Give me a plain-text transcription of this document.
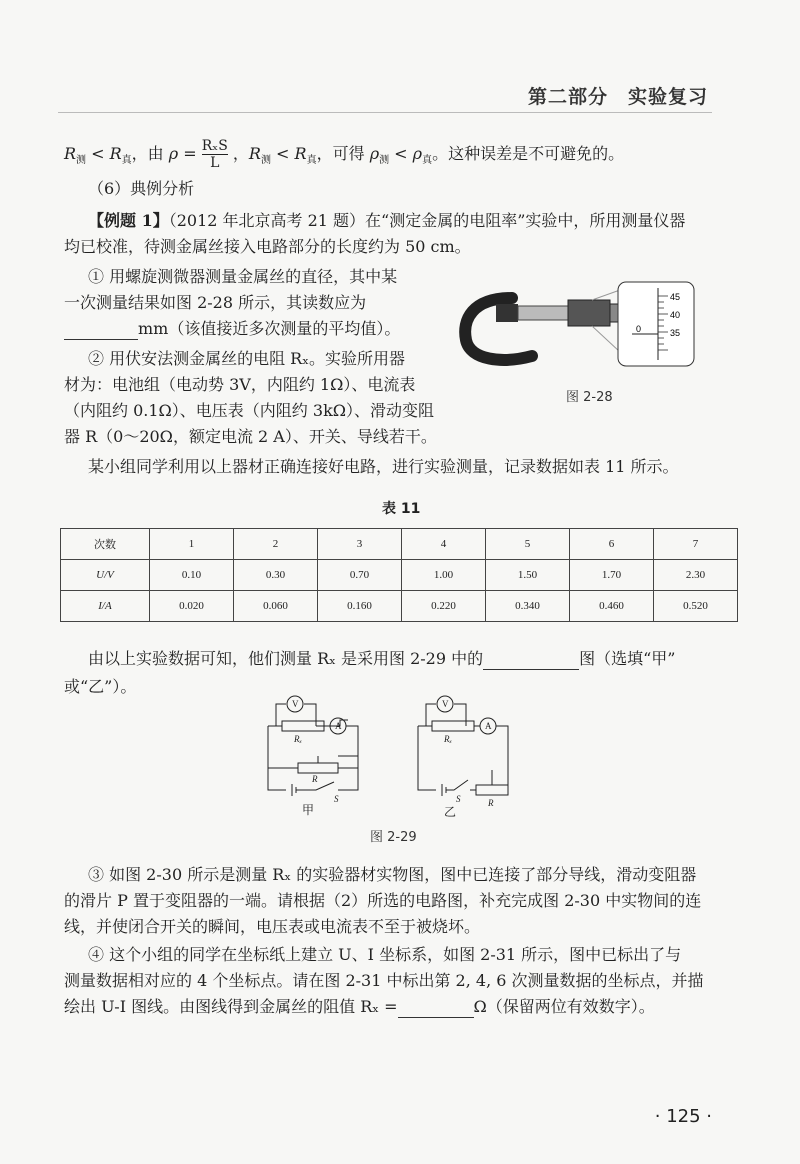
第二部分　实验复习
$R_测 < R_真$，由 ρ = RₓS
L ，$R_测 < R_真$，可得 $\rho_测 < \rho_真$。这种误差是不可避免的。
（6）典例分析
【例题 1】（2012 年北京高考 21 题）在“测定金属的电阻率”实验中，所用测量仪器
均已校准，待测金属丝接入电路部分的长度约为 50 cm。
① 用螺旋测微器测量金属丝的直径，其中某
一次测量结果如图 2-28 所示，其读数应为
mm（该值接近多次测量的平均值）。
② 用伏安法测金属丝的电阻 Rₓ。实验所用器
材为：电池组（电动势 3V，内阻约 1Ω）、电流表
（内阻约 0.1Ω）、电压表（内阻约 3kΩ）、滑动变阻
器 R（0～20Ω，额定电流 2 A）、开关、导线若干。
某小组同学利用以上器材正确连接好电路，进行实验测量，记录数据如表 11 所示。
45
40
35
0
图 2-28
表 11
次数	1	2	3	4	5	6	7
U/V	0.10	0.30	0.70	1.00	1.50	1.70	2.30
I/A	0.020	0.060	0.160	0.220	0.340	0.460	0.520
由以上实验数据可知，他们测量 Rₓ 是采用图 2-29 中的	图（选填“甲”
或“乙”）。
V
A
Rₓ
R
S
甲
V
A
Rₓ
R
S
乙
图 2-29
③ 如图 2-30 所示是测量 Rₓ 的实验器材实物图，图中已连接了部分导线，滑动变阻器
的滑片 P 置于变阻器的一端。请根据（2）所选的电路图，补充完成图 2-30 中实物间的连
线，并使闭合开关的瞬间，电压表或电流表不至于被烧坏。
④ 这个小组的同学在坐标纸上建立 U、I 坐标系，如图 2-31 所示，图中已标出了与
测量数据相对应的 4 个坐标点。请在图 2-31 中标出第 2, 4, 6 次测量数据的坐标点，并描
绘出 U-I 图线。由图线得到金属丝的阻值 Rₓ =	Ω（保留两位有效数字）。
· 125 ·
